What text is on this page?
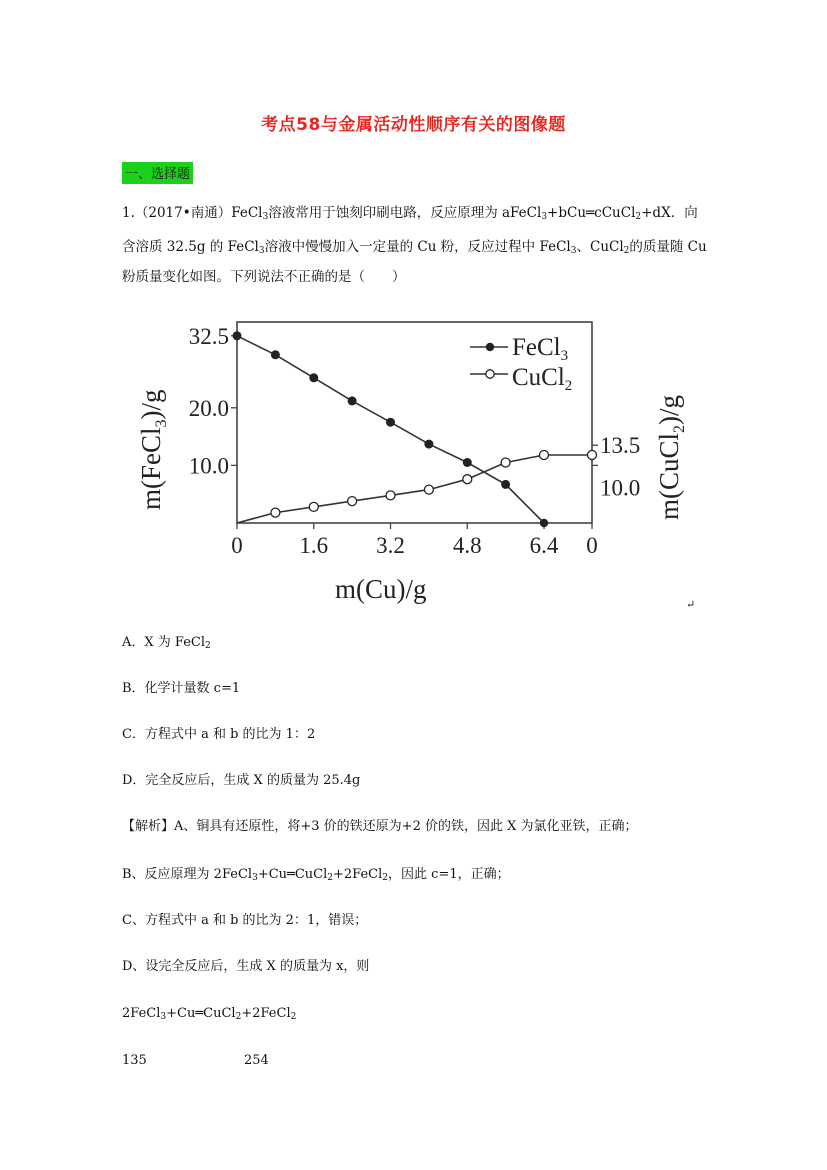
考点58与金属活动性顺序有关的图像题
一、选择题
1.（2017•南通）FeCl$_3$溶液常用于蚀刻印刷电路，反应原理为 aFeCl$_3$+bCu═cCuCl$_2$+dX．向
含溶质 32.5g 的 FeCl$_3$溶液中慢慢加入一定量的 Cu 粉，反应过程中 FeCl$_3$、CuCl$_2$的质量随 Cu
粉质量变化如图。下列说法不正确的是（　　）
0 1.6 3.2 4.8 6.4 0
32.5
20.0
10.0
13.5
10.0
FeCl$_3$
CuCl$_2$
m(Cu)/g
m(FeCl$_3$)/g
m(CuCl$_2$)/g
↵
A．X 为 FeCl$_2$
B．化学计量数 c=1
C．方程式中 a 和 b 的比为 1：2
D．完全反应后，生成 X 的质量为 25.4g
【解析】A、铜具有还原性，将+3 价的铁还原为+2 价的铁，因此 X 为氯化亚铁，正确；
B、反应原理为 2FeCl$_3$+Cu═CuCl$_2$+2FeCl$_2$，因此 c=1，正确；
C、方程式中 a 和 b 的比为 2：1，错误；
D、设完全反应后，生成 X 的质量为 x，则
2FeCl$_3$+Cu═CuCl$_2$+2FeCl$_2$
135	254
